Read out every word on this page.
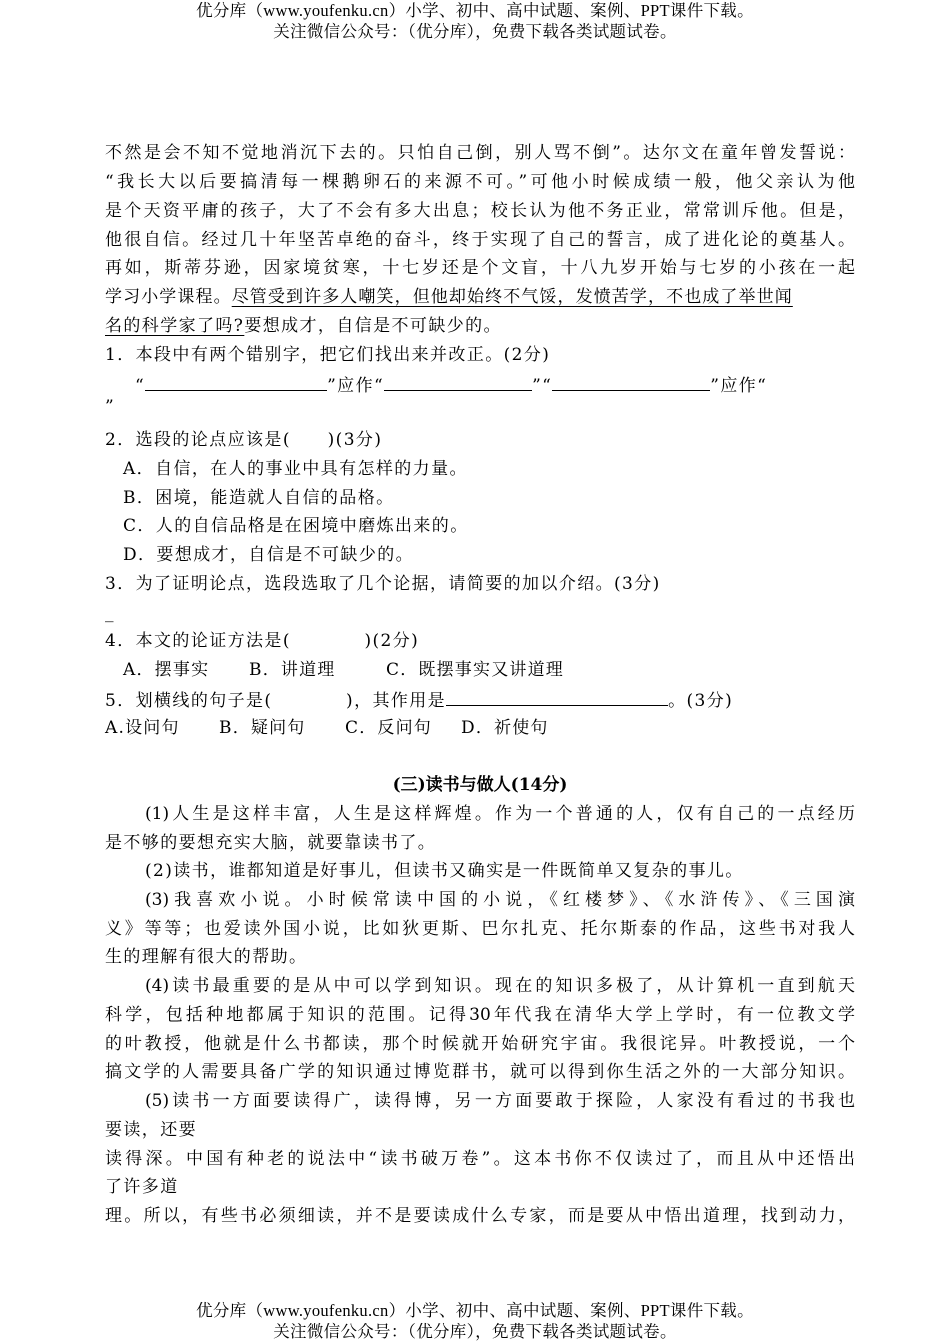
优分库（www.youfenku.cn）小学、初中、高中试题、案例、PPT课件下载。
关注微信公众号：（优分库），免费下载各类试题试卷。
不然是会不知不觉地消沉下去的。只怕自己倒，别人骂不倒”。达尔文在童年曾发誓说：
“我长大以后要搞清每一棵鹅卵石的来源不可。”可他小时候成绩一般，他父亲认为他
是个天资平庸的孩子，大了不会有多大出息；校长认为他不务正业，常常训斥他。但是，
他很自信。经过几十年坚苦卓绝的奋斗，终于实现了自己的誓言，成了进化论的奠基人。
再如，斯蒂芬逊，因家境贫寒，十七岁还是个文盲，十八九岁开始与七岁的小孩在一起
学习小学课程。尽管受到许多人嘲笑，但他却始终不气馁，发愤苦学，不也成了举世闻
名的科学家了吗?要想成才，自信是不可缺少的。
1．本段中有两个错别字，把它们找出来并改正。(2分)
“	”应作“	”“	”应作“
”
2．选段的论点应该是(　　)(3分)
A．自信，在人的事业中具有怎样的力量。
B．困境，能造就人自信的品格。
C．人的自信品格是在困境中磨炼出来的。
D．要想成才，自信是不可缺少的。
3．为了证明论点，选段选取了几个论据，请简要的加以介绍。(3分)
_
4．本文的论证方法是(　　　　)(2分)
A．摆事实 B．讲道理	C．既摆事实又讲道理
5．划横线的句子是(　　　　)，其作用是	。(3分)
A.设问句 B．疑问句 C．反问句 D．祈使句
(三)读书与做人(14分)
(1)人生是这样丰富，人生是这样辉煌。作为一个普通的人，仅有自己的一点经历
是不够的要想充实大脑，就要靠读书了。
(2)读书，谁都知道是好事儿，但读书又确实是一件既简单又复杂的事儿。
(3)我喜欢小说。小时候常读中国的小说，《红楼梦》、《水浒传》、《三国演
义》等等；也爱读外国小说，比如狄更斯、巴尔扎克、托尔斯泰的作品，这些书对我人
生的理解有很大的帮助。
(4)读书最重要的是从中可以学到知识。现在的知识多极了，从计算机一直到航天
科学，包括种地都属于知识的范围。记得30年代我在清华大学上学时，有一位教文学
的叶教授，他就是什么书都读，那个时候就开始研究宇宙。我很诧异。叶教授说，一个
搞文学的人需要具备广学的知识通过博览群书，就可以得到你生活之外的一大部分知识。
(5)读书一方面要读得广，读得博，另一方面要敢于探险，人家没有看过的书我也
要读，还要
读得深。中国有种老的说法中“读书破万卷”。这本书你不仅读过了，而且从中还悟出
了许多道
理。所以，有些书必须细读，并不是要读成什么专家，而是要从中悟出道理，找到动力，
优分库（www.youfenku.cn）小学、初中、高中试题、案例、PPT课件下载。
关注微信公众号：（优分库），免费下载各类试题试卷。
